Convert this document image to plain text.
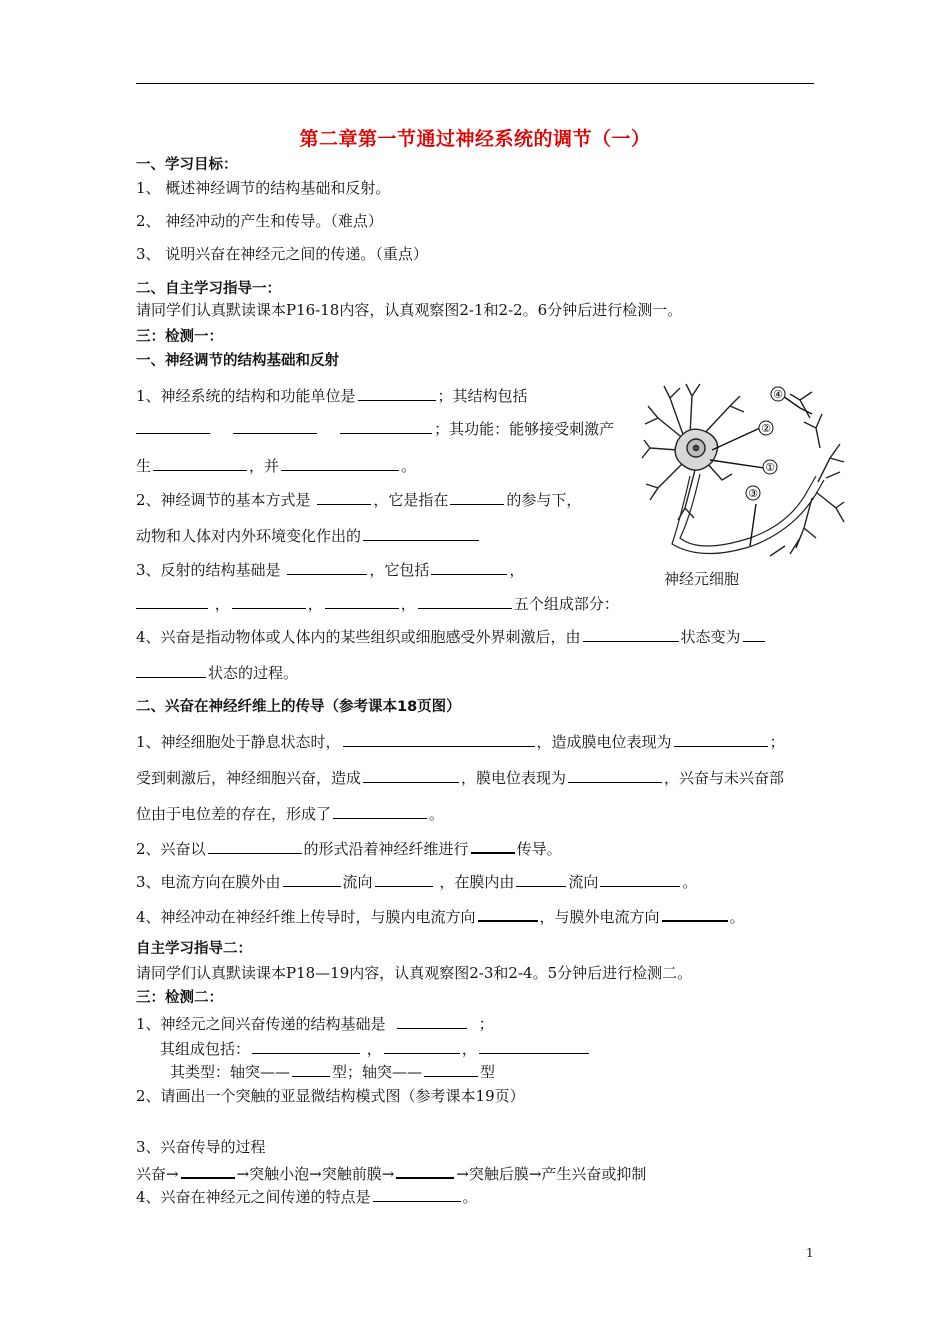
第二章第一节通过神经系统的调节（一）
一、学习目标：
1、 概述神经调节的结构基础和反射。
2、 神经冲动的产生和传导。（难点）
3、 说明兴奋在神经元之间的传递。（重点）
二、自主学习指导一：
请同学们认真默读课本P16-18内容，认真观察图2-1和2-2。6分钟后进行检测一。
三：检测一：
一、神经调节的结构基础和反射
1、神经系统的结构和功能单位是	；其结构包括
；其功能：能够接受刺激产
生	，并	。
2、神经调节的基本方式是	，它是指在	的参与下，
动物和人体对内外环境变化作出的
3、反射的结构基础是	，它包括	，
，	，	，	五个组成部分：
4、兴奋是指动物体或人体内的某些组织或细胞感受外界刺激后，由	状态变为
状态的过程。
④
②
①
③
神经元细胞
二、兴奋在神经纤维上的传导（参考课本18页图）
1、神经细胞处于静息状态时，	，造成膜电位表现为	；
受到刺激后，神经细胞兴奋，造成	，膜电位表现为	，兴奋与未兴奋部
位由于电位差的存在，形成了	。
2、兴奋以	的形式沿着神经纤维进行	传导。
3、电流方向在膜外由	流向	，在膜内由	流向	。
4、神经冲动在神经纤维上传导时，与膜内电流方向	，与膜外电流方向	。
自主学习指导二：
请同学们认真默读课本P18—19内容，认真观察图2-3和2-4。5分钟后进行检测二。
三：检测二：
1、神经元之间兴奋传递的结构基础是	；
其组成包括：	，	，
其类型：轴突——	型；轴突——	型
2、请画出一个突触的亚显微结构模式图（参考课本19页）
3、兴奋传导的过程
兴奋→	→突触小泡→突触前膜→	→突触后膜→产生兴奋或抑制
4、兴奋在神经元之间传递的特点是	。
1
